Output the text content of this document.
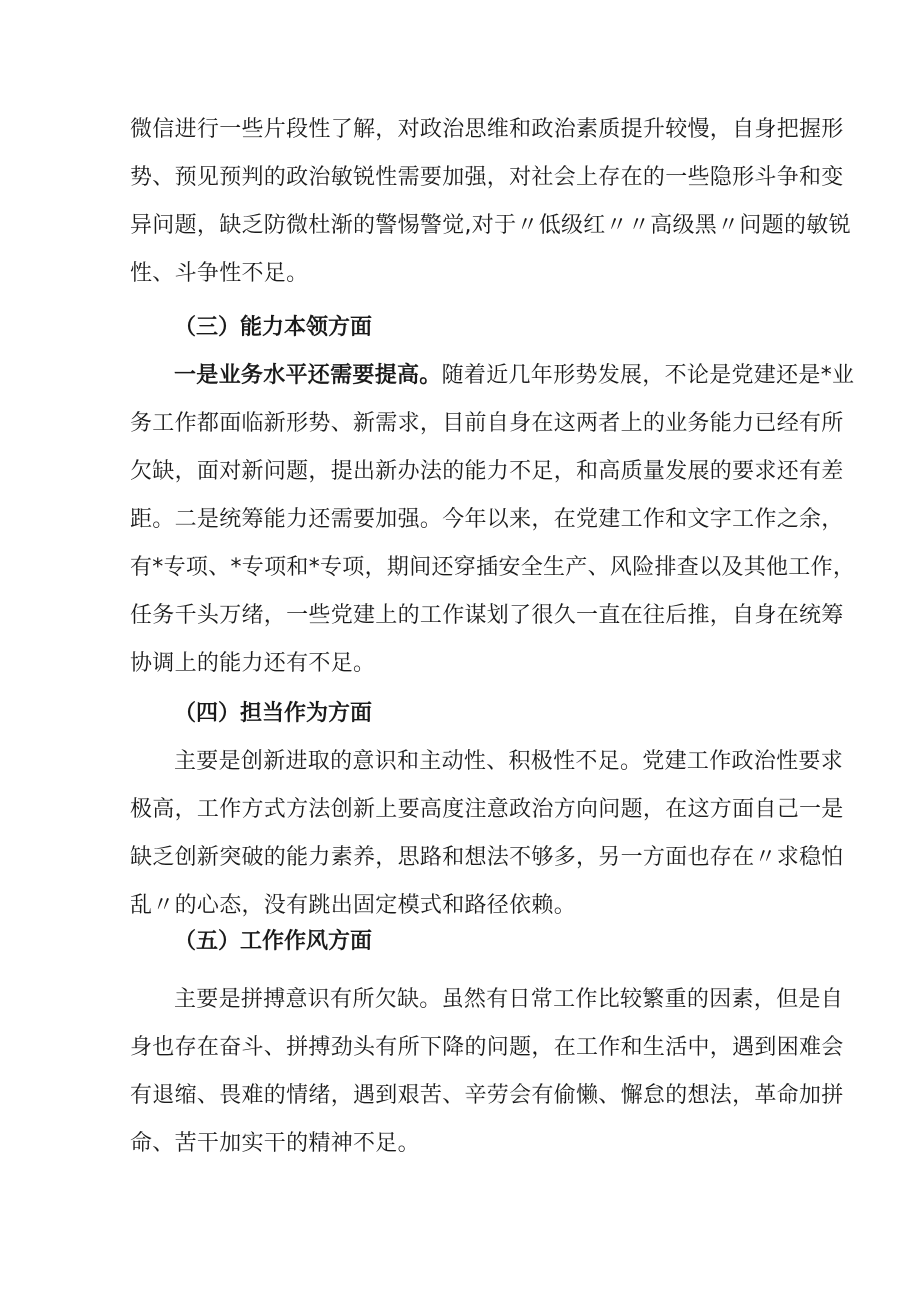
微信进行一些片段性了解，对政治思维和政治素质提升较慢，自身把握形
势、预见预判的政治敏锐性需要加强，对社会上存在的一些隐形斗争和变
异问题，缺乏防微杜渐的警惕警觉,对于〃低级红〃〃高级黑〃问题的敏锐
性、斗争性不足。
（三）能力本领方面
一是业务水平还需要提高。随着近几年形势发展，不论是党建还是*业
务工作都面临新形势、新需求，目前自身在这两者上的业务能力已经有所
欠缺，面对新问题，提出新办法的能力不足，和高质量发展的要求还有差
距。二是统筹能力还需要加强。今年以来，在党建工作和文字工作之余，
有*专项、*专项和*专项，期间还穿插安全生产、风险排查以及其他工作，
任务千头万绪，一些党建上的工作谋划了很久一直在往后推，自身在统筹
协调上的能力还有不足。
（四）担当作为方面
主要是创新进取的意识和主动性、积极性不足。党建工作政治性要求
极高，工作方式方法创新上要高度注意政治方向问题，在这方面自己一是
缺乏创新突破的能力素养，思路和想法不够多，另一方面也存在〃求稳怕
乱〃的心态，没有跳出固定模式和路径依赖。
（五）工作作风方面
主要是拼搏意识有所欠缺。虽然有日常工作比较繁重的因素，但是自
身也存在奋斗、拼搏劲头有所下降的问题，在工作和生活中，遇到困难会
有退缩、畏难的情绪，遇到艰苦、辛劳会有偷懒、懈怠的想法，革命加拼
命、苦干加实干的精神不足。
